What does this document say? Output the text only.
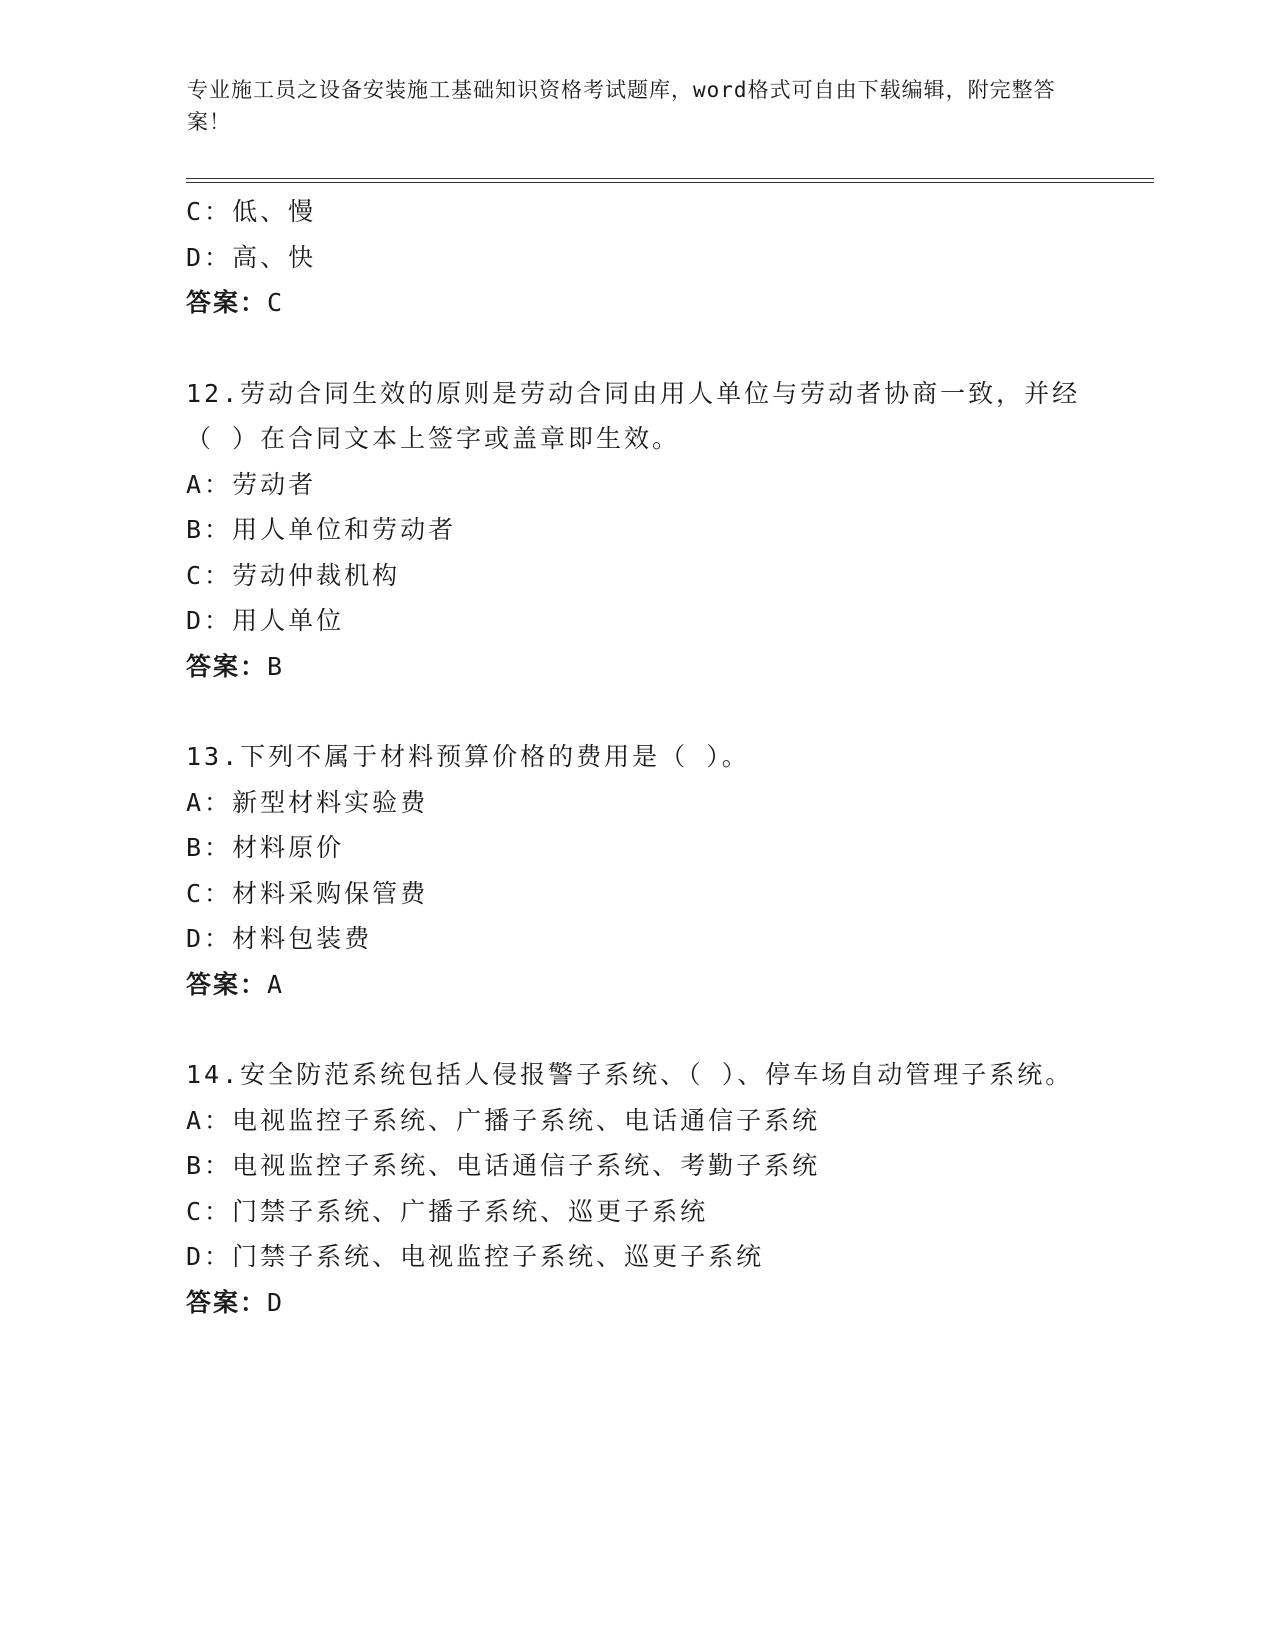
专业施工员之设备安装施工基础知识资格考试题库，word格式可自由下载编辑，附完整答案！
C：低、慢
D：高、快
答案：C
12.劳动合同生效的原则是劳动合同由用人单位与劳动者协商一致，并经（ ）在合同文本上签字或盖章即生效。
A：劳动者
B：用人单位和劳动者
C：劳动仲裁机构
D：用人单位
答案：B
13.下列不属于材料预算价格的费用是（ ）。
A：新型材料实验费
B：材料原价
C：材料采购保管费
D：材料包装费
答案：A
14.安全防范系统包括人侵报警子系统、（ ）、停车场自动管理子系统。
A：电视监控子系统、广播子系统、电话通信子系统
B：电视监控子系统、电话通信子系统、考勤子系统
C：门禁子系统、广播子系统、巡更子系统
D：门禁子系统、电视监控子系统、巡更子系统
答案：D
